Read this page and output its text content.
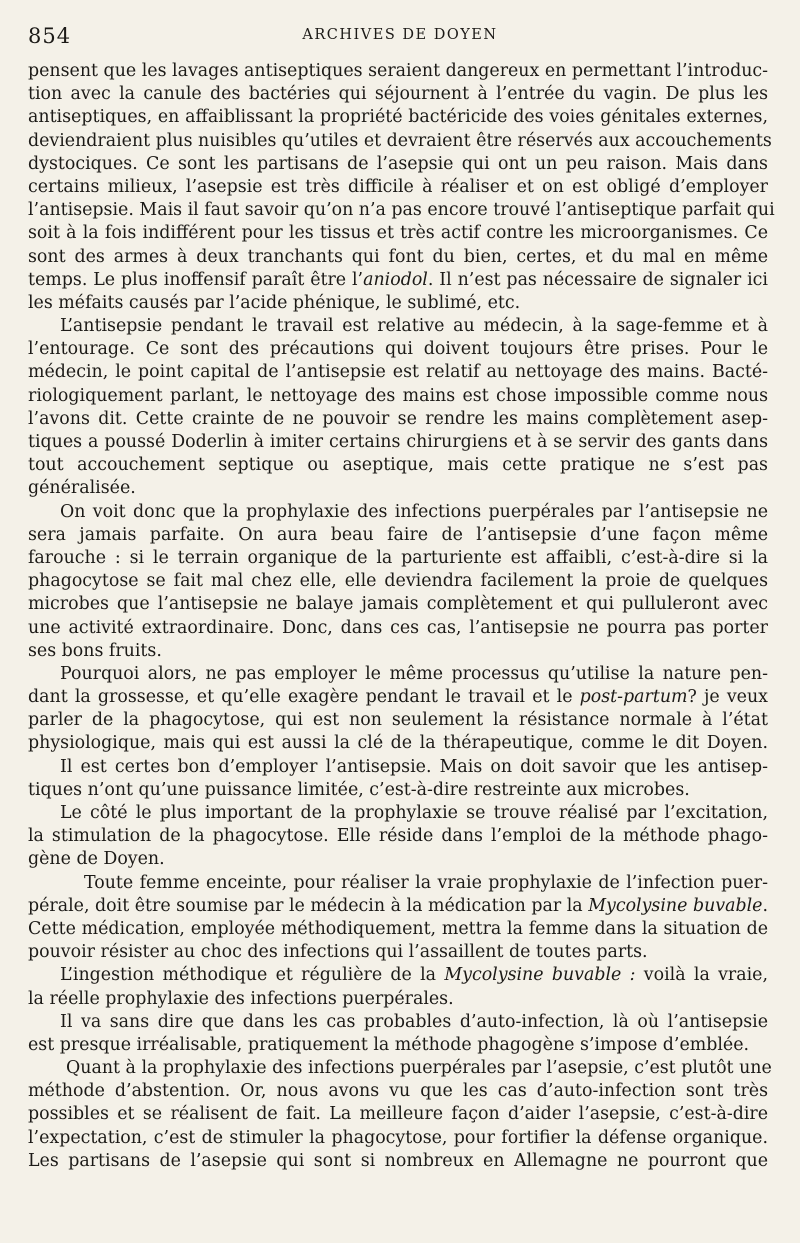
854	ARCHIVES DE DOYEN
pensent que les lavages antiseptiques seraient dangereux en permettant l’introduc-
tion avec la canule des bactéries qui séjournent à l’entrée du vagin. De plus les
antiseptiques, en affaiblissant la propriété bactéricide des voies génitales externes,
deviendraient plus nuisibles qu’utiles et devraient être réservés aux accouchements
dystociques. Ce sont les partisans de l’asepsie qui ont un peu raison. Mais dans
certains milieux, l’asepsie est très difficile à réaliser et on est obligé d’employer
l’antisepsie. Mais il faut savoir qu’on n’a pas encore trouvé l’antiseptique parfait qui
soit à la fois indifférent pour les tissus et très actif contre les microorganismes. Ce
sont des armes à deux tranchants qui font du bien, certes, et du mal en même
temps. Le plus inoffensif paraît être l’aniodol. Il n’est pas nécessaire de signaler ici
les méfaits causés par l’acide phénique, le sublimé, etc.
L’antisepsie pendant le travail est relative au médecin, à la sage-femme et à
l’entourage. Ce sont des précautions qui doivent toujours être prises. Pour le
médecin, le point capital de l’antisepsie est relatif au nettoyage des mains. Bacté-
riologiquement parlant, le nettoyage des mains est chose impossible comme nous
l’avons dit. Cette crainte de ne pouvoir se rendre les mains complètement asep-
tiques a poussé Doderlin à imiter certains chirurgiens et à se servir des gants dans
tout accouchement septique ou aseptique, mais cette pratique ne s’est pas
généralisée.
On voit donc que la prophylaxie des infections puerpérales par l’antisepsie ne
sera jamais parfaite. On aura beau faire de l’antisepsie d’une façon même
farouche : si le terrain organique de la parturiente est affaibli, c’est-à-dire si la
phagocytose se fait mal chez elle, elle deviendra facilement la proie de quelques
microbes que l’antisepsie ne balaye jamais complètement et qui pulluleront avec
une activité extraordinaire. Donc, dans ces cas, l’antisepsie ne pourra pas porter
ses bons fruits.
Pourquoi alors, ne pas employer le même processus qu’utilise la nature pen-
dant la grossesse, et qu’elle exagère pendant le travail et le post-partum? je veux
parler de la phagocytose, qui est non seulement la résistance normale à l’état
physiologique, mais qui est aussi la clé de la thérapeutique, comme le dit Doyen.
Il est certes bon d’employer l’antisepsie. Mais on doit savoir que les antisep-
tiques n’ont qu’une puissance limitée, c’est-à-dire restreinte aux microbes.
Le côté le plus important de la prophylaxie se trouve réalisé par l’excitation,
la stimulation de la phagocytose. Elle réside dans l’emploi de la méthode phago-
gène de Doyen.
Toute femme enceinte, pour réaliser la vraie prophylaxie de l’infection puer-
pérale, doit être soumise par le médecin à la médication par la Mycolysine buvable.
Cette médication, employée méthodiquement, mettra la femme dans la situation de
pouvoir résister au choc des infections qui l’assaillent de toutes parts.
L’ingestion méthodique et régulière de la Mycolysine buvable : voilà la vraie,
la réelle prophylaxie des infections puerpérales.
Il va sans dire que dans les cas probables d’auto-infection, là où l’antisepsie
est presque irréalisable, pratiquement la méthode phagogène s’impose d’emblée.
Quant à la prophylaxie des infections puerpérales par l’asepsie, c’est plutôt une
méthode d’abstention. Or, nous avons vu que les cas d’auto-infection sont très
possibles et se réalisent de fait. La meilleure façon d’aider l’asepsie, c’est-à-dire
l’expectation, c’est de stimuler la phagocytose, pour fortifier la défense organique.
Les partisans de l’asepsie qui sont si nombreux en Allemagne ne pourront que
